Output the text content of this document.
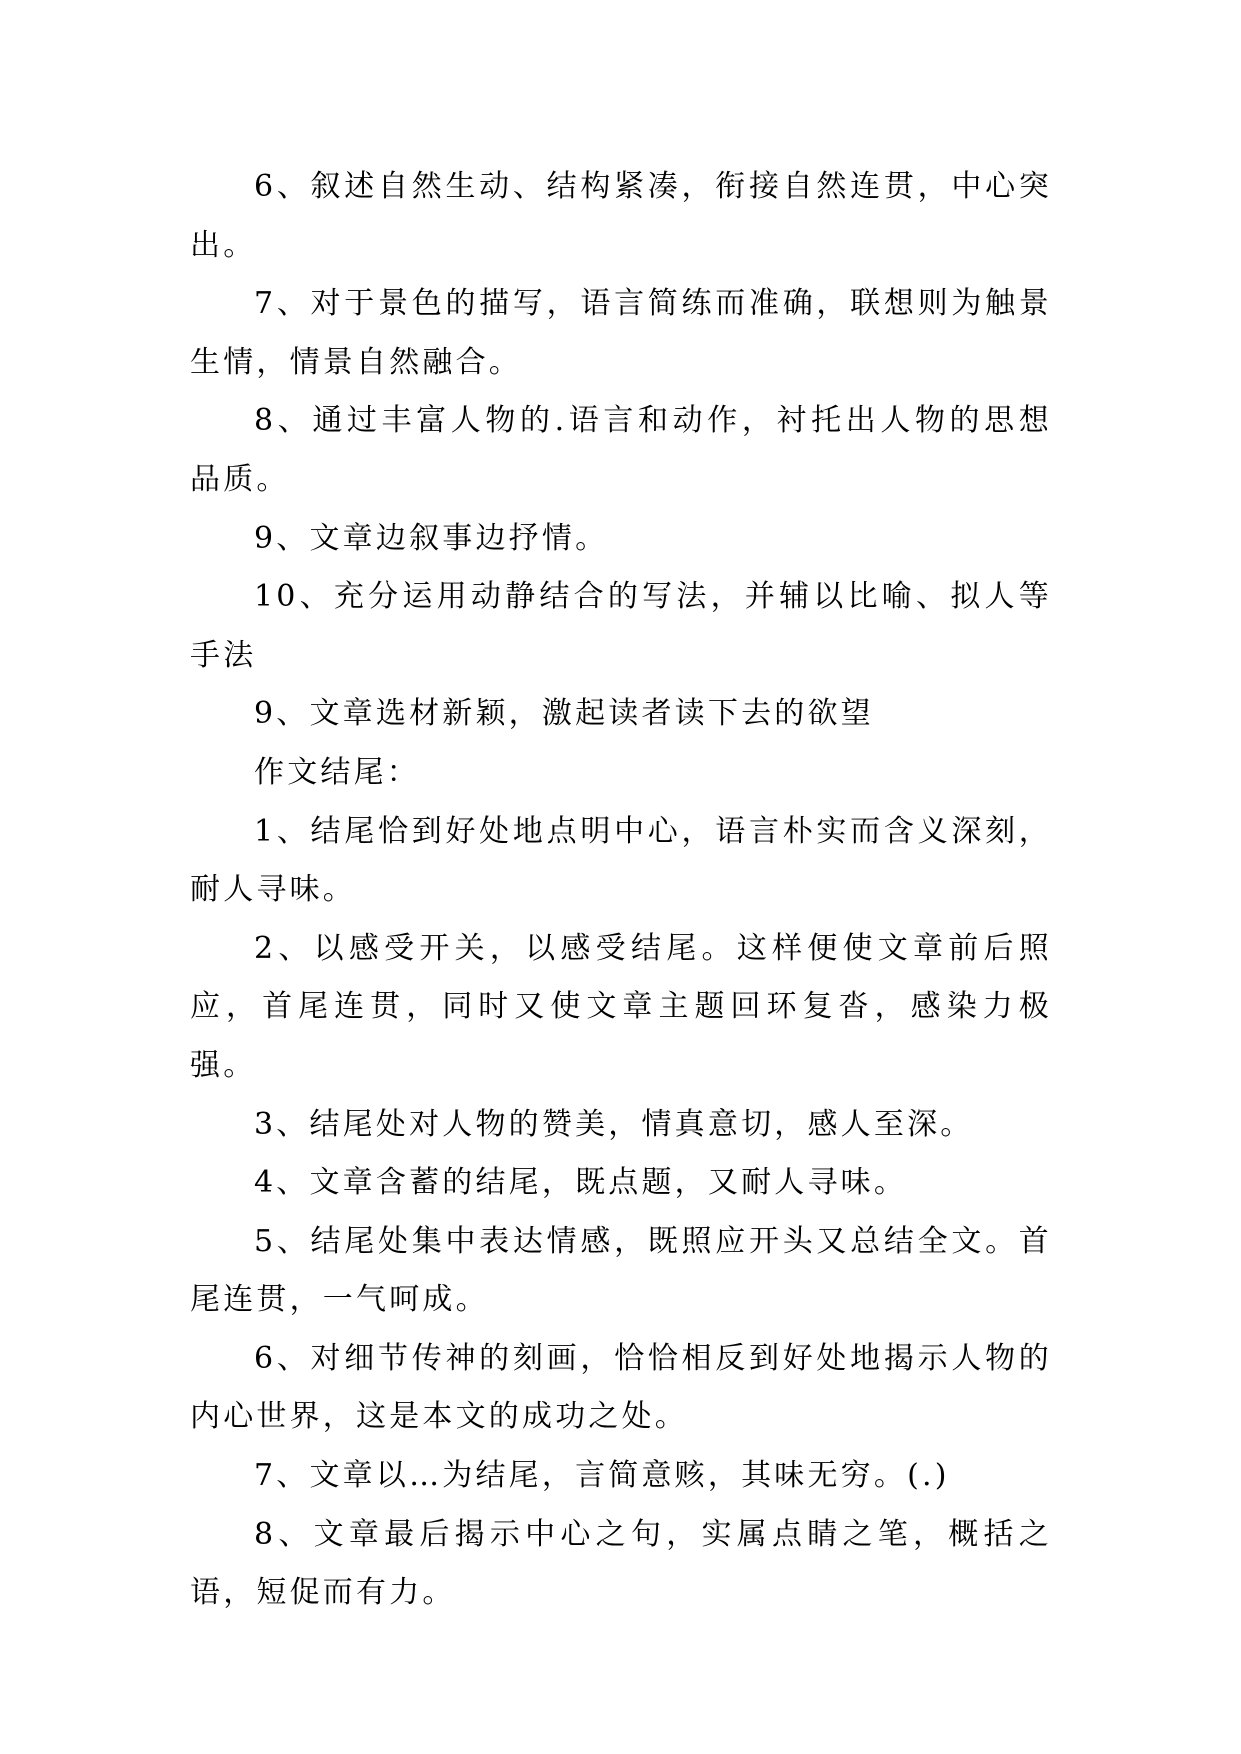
6、叙述自然生动、结构紧凑，衔接自然连贯，中心突出。

7、对于景色的描写，语言简练而准确，联想则为触景生情，情景自然融合。

8、通过丰富人物的.语言和动作，衬托出人物的思想品质。

9、文章边叙事边抒情。

10、充分运用动静结合的写法，并辅以比喻、拟人等手法

9、文章选材新颖，激起读者读下去的欲望

作文结尾：

1、结尾恰到好处地点明中心，语言朴实而含义深刻，耐人寻味。

2、以感受开关，以感受结尾。这样便使文章前后照应，首尾连贯，同时又使文章主题回环复沓，感染力极强。

3、结尾处对人物的赞美，情真意切，感人至深。

4、文章含蓄的结尾，既点题，又耐人寻味。

5、结尾处集中表达情感，既照应开头又总结全文。首尾连贯，一气呵成。

6、对细节传神的刻画，恰恰相反到好处地揭示人物的内心世界，这是本文的成功之处。

7、文章以…为结尾，言简意赅，其味无穷。(.)

8、文章最后揭示中心之句，实属点睛之笔，概括之语，短促而有力。
